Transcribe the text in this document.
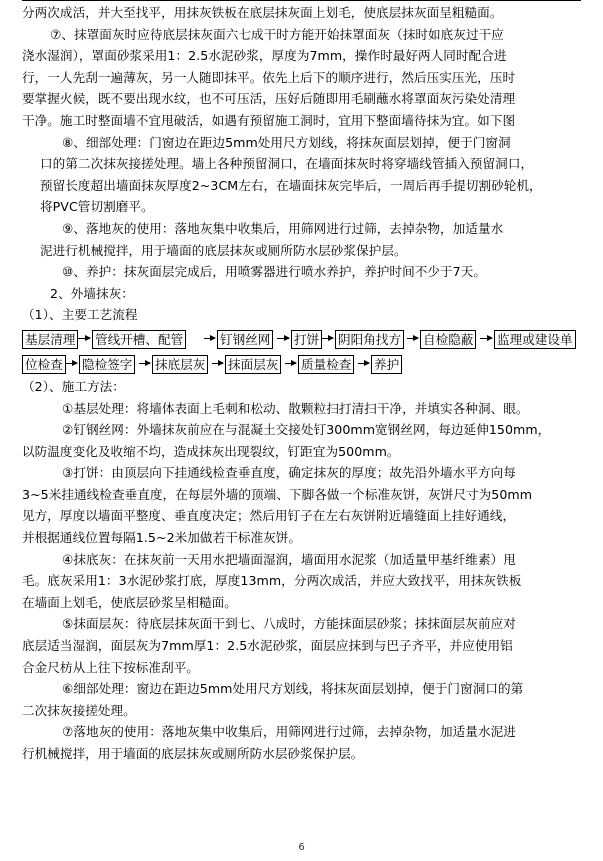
分两次成活，并大至找平，用抹灰铁板在底层抹灰面上划毛，使底层抹灰面呈粗糙面。

⑦、抹罩面灰时应待底层抹灰面六七成干时方能开始抹罩面灰（抹时如底灰过干应

浇水湿润），罩面砂浆采用1：2.5水泥砂浆，厚度为7mm，操作时最好两人同时配合进

行，一人先刮一遍薄灰，另一人随即抹平。依先上后下的顺序进行，然后压实压光，压时

要掌握火候，既不要出现水纹，也不可压活，压好后随即用毛刷蘸水将罩面灰污染处清理

干净。施工时整面墙不宜甩破活，如遇有预留施工洞时，宜用下整面墙待抹为宜。如下图

⑧、细部处理：门窗边在距边5mm处用尺方划线，将抹灰面层划掉，便于门窗洞

口的第二次抹灰接搓处理。墙上各种预留洞口，在墙面抹灰时将穿墙线管插入预留洞口，

预留长度超出墙面抹灰厚度2~3CM左右，在墙面抹灰完毕后，一周后再手提切割砂轮机，

将PVC管切割磨平。

⑨、落地灰的使用：落地灰集中收集后，用筛网进行过筛，去掉杂物，加适量水

泥进行机械搅拌，用于墙面的底层抹灰或厕所防水层砂浆保护层。

⑩、养护：抹灰面层完成后，用喷雾器进行喷水养护，养护时间不少于7天。

2、外墙抹灰：

（1）、主要工艺流程

基层清理 管线开槽、配管	钉钢丝网 打饼 阴阳角找方 自检隐蔽 监理或建设单
位检查 隐检签字 抹底层灰 抹面层灰 质量检查 养护

（2）、施工方法：

①基层处理：将墙体表面上毛刺和松动、散颗粒扫打清扫干净，并填实各种洞、眼。

②钉钢丝网：外墙抹灰前应在与混凝土交接处钉300mm宽钢丝网，每边延伸150mm，

以防温度变化及收缩不均，造成抹灰出现裂纹，钉距宜为500mm。

③打饼：由顶层向下挂通线检查垂直度，确定抹灰的厚度；故先沿外墙水平方向每

3~5米挂通线检查垂直度，在每层外墙的顶端、下脚各做一个标准灰饼，灰饼尺寸为50mm

见方，厚度以墙面平整度、垂直度决定；然后用钉子在左右灰饼附近墙缝面上挂好通线，

并根据通线位置每隔1.5~2米加做若干标准灰饼。

④抹底灰：在抹灰前一天用水把墙面湿润，墙面用水泥浆（加适量甲基纤维素）甩

毛。底灰采用1：3水泥砂浆打底，厚度13mm，分两次成活，并应大致找平，用抹灰铁板

在墙面上划毛，使底层砂浆呈相糙面。

⑤抹面层灰：待底层抹灰面干到七、八成时，方能抹面层砂浆；抹抹面层灰前应对

底层适当湿润，面层灰为7mm厚1：2.5水泥砂浆，面层应抹到与巴子齐平，并应使用铝

合金尺枋从上往下按标准刮平。

⑥细部处理：窗边在距边5mm处用尺方划线，将抹灰面层划掉，便于门窗洞口的第

二次抹灰接搓处理。

⑦落地灰的使用：落地灰集中收集后，用筛网进行过筛，去掉杂物，加适量水泥进

行机械搅拌，用于墙面的底层抹灰或厕所防水层砂浆保护层。

6
